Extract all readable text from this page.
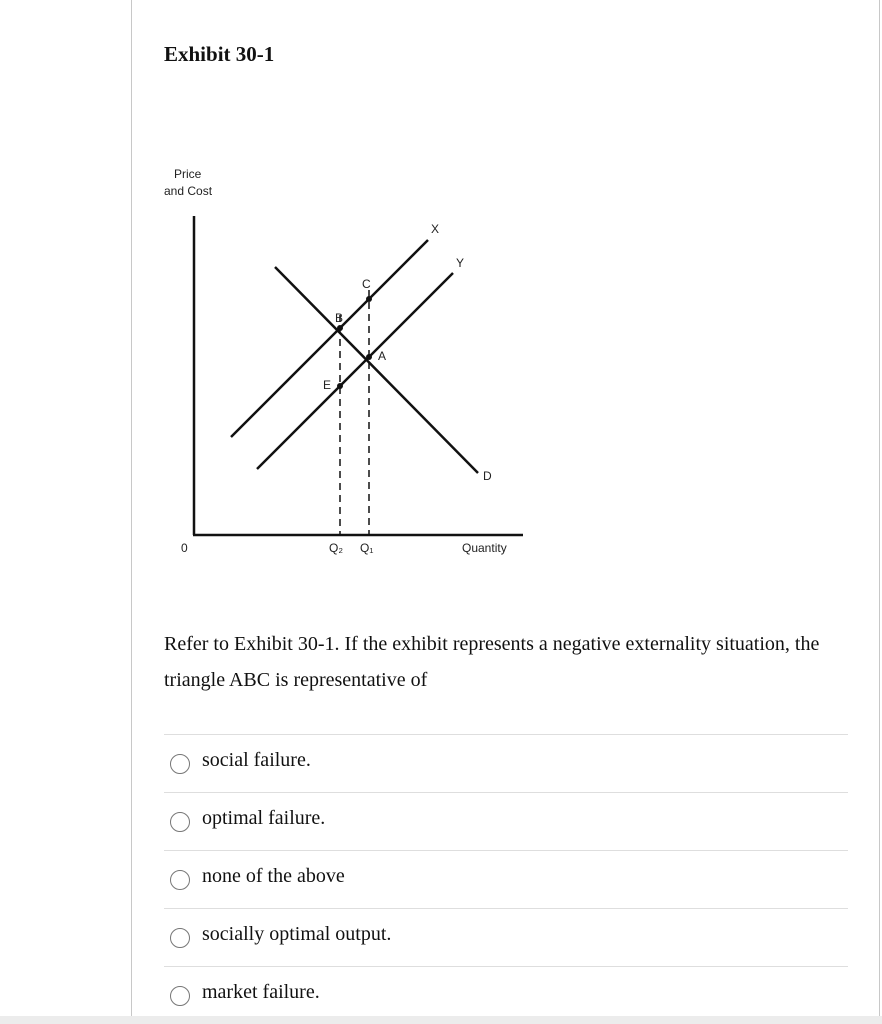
Exhibit 30-1
Price
and Cost
0	Quantity
B
A
C
E
X
Y
D
Q₂ Q₁
Refer to Exhibit 30-1. If the exhibit represents a negative externality situation, the triangle ABC is representative of
social failure.
optimal failure.
none of the above
socially optimal output.
market failure.
